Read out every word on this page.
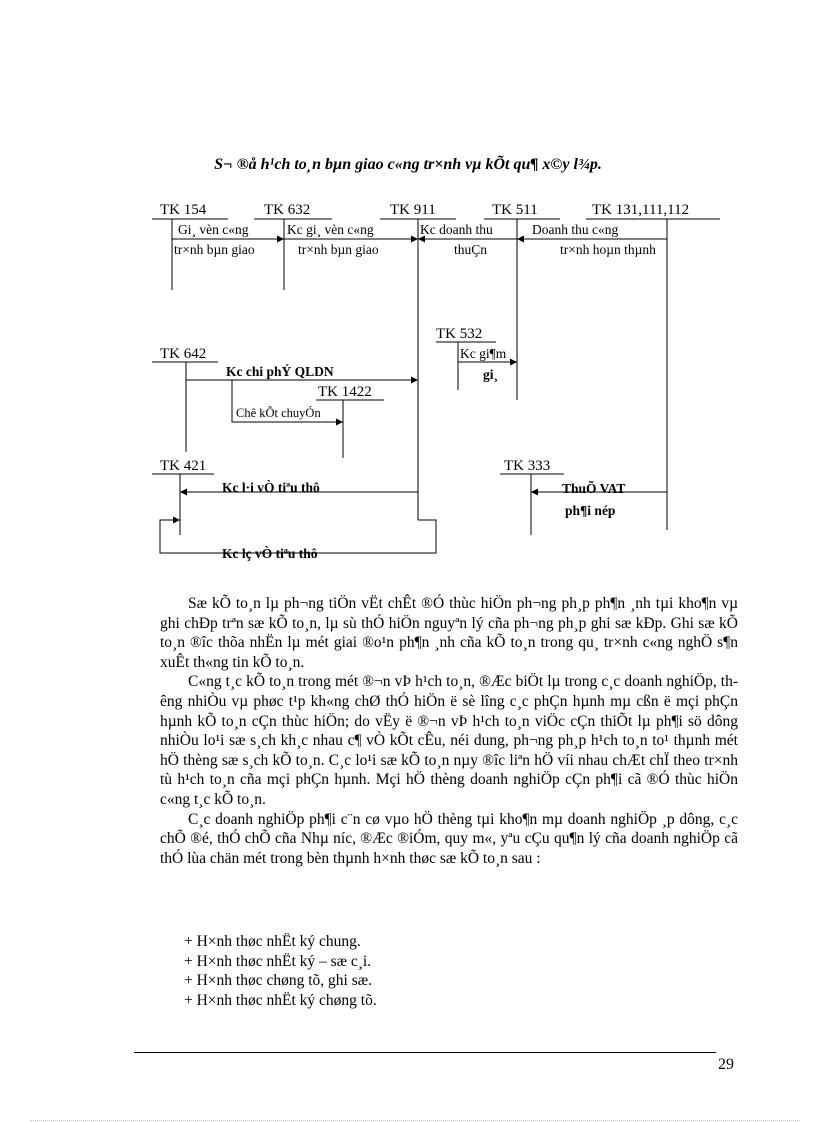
S¬ ®å h¹ch to¸n bµn giao c«ng tr×nh vµ kÕt qu¶ x©y l¾p.
TK 154	TK 632	TK 911	TK 511	TK 131,111,112
TK 532
TK 642
TK 1422
TK 421	TK 333
Gi¸ vèn c«ng
tr×nh bµn giao
Kc gi¸ vèn c«ng
tr×nh bµn giao
Kc doanh thu
thuÇn
Doanh thu c«ng
tr×nh hoµn thµnh
Kc gi¶m
gi¸
Kc chi phÝ QLDN
Chê kÕt chuyÓn
Kc l·i vÒ tiªu thô
Kc lç vÒ tiªu thô
ThuÕ VAT
ph¶i nép

Sæ kÕ to¸n lµ ph¬ng tiÖn vËt chÊt ®Ó thùc hiÖn ph¬ng ph¸p ph¶n ¸nh tµi kho¶n vµ ghi chÐp trªn sæ kÕ to¸n, lµ sù thÓ hiÖn nguyªn lý cña ph¬ng ph¸p ghi sæ kÐp. Ghi sæ kÕ to¸n ®îc thõa nhËn lµ mét giai ®o¹n ph¶n ¸nh cña kÕ to¸n trong qu¸ tr×nh c«ng nghÖ s¶n xuÊt th«ng tin kÕ to¸n.

C«ng t¸c kÕ to¸n trong mét ®¬n vÞ h¹ch to¸n, ®Æc biÖt lµ trong c¸c doanh nghiÖp, thêng nhiÒu vµ phøc t¹p kh«ng chØ thÓ hiÖn ë sè lîng c¸c phÇn hµnh mµ cßn ë mçi phÇn hµnh kÕ to¸n cÇn thùc hiÖn; do vËy ë ®¬n vÞ h¹ch to¸n viÖc cÇn thiÕt lµ ph¶i sö dông nhiÒu lo¹i sæ s¸ch kh¸c nhau c¶ vÒ kÕt cÊu, néi dung, ph¬ng ph¸p h¹ch to¸n to¹ thµnh mét hÖ thèng sæ s¸ch kÕ to¸n. C¸c lo¹i sæ kÕ to¸n nµy ®îc liªn hÖ víi nhau chÆt chÏ theo tr×nh tù h¹ch to¸n cña mçi phÇn hµnh. Mçi hÖ thèng doanh nghiÖp cÇn ph¶i cã ®Ó thùc hiÖn c«ng t¸c kÕ to¸n.

C¸c doanh nghiÖp ph¶i c¨n cø vµo hÖ thèng tµi kho¶n mµ doanh nghiÖp ¸p dông, c¸c chÕ ®é, thÓ chÕ cña Nhµ níc, ®Æc ®iÓm, quy m«, yªu cÇu qu¶n lý cña doanh nghiÖp cã thÓ lùa chän mét trong bèn thµnh h×nh thøc sæ kÕ to¸n sau :

+ H×nh thøc nhËt ký chung.
+ H×nh thøc nhËt ký – sæ c¸i.
+ H×nh thøc chøng tõ, ghi sæ.
+ H×nh thøc nhËt ký chøng tõ.
29
